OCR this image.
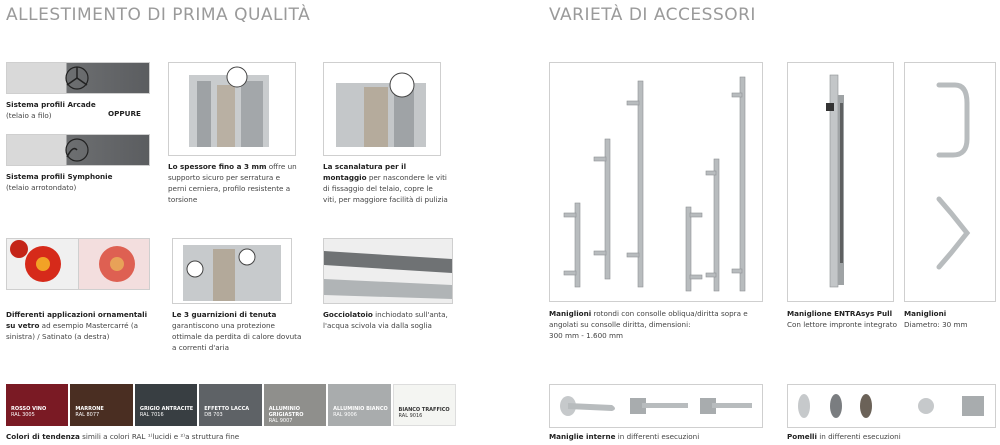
ALLESTIMENTO DI PRIMA QUALITÀ
Sistema profili Arcade
(telaio a filo)	OPPURE
Sistema profili Symphonie
(telaio arrotondato)
Lo spessore fino a 3 mm offre un supporto sicuro per serratura e perni cerniera, profilo resistente a torsione
La scanalatura per il montaggio per nascondere le viti di fissaggio del telaio, copre le viti, per maggiore facilità di pulizia
Differenti applicazioni ornamentali su vetro ad esempio Mastercarré (a sinistra) / Satinato (a destra)
Le 3 guarnizioni di tenuta garantiscono una protezione ottimale da perdita di calore dovuta a correnti d'aria
Gocciolatoio inchiodato sull'anta, l'acqua scivola via dalla soglia
ROSSO VINO
RAL 3005
MARRONE
RAL 8077
GRIGIO ANTRACITE
RAL 7016
EFFETTO LACCA
DB 703
ALLUMINIO GRIGIASTRO
RAL 9007
ALLUMINIO BIANCO
RAL 9006
BIANCO TRAFFICO
RAL 9016
Colori di tendenza simili a colori RAL ¹⁾lucidi e ²⁾a struttura fine
VARIETÀ DI ACCESSORI
Maniglioni rotondi con consolle obliqua/diritta sopra e angolati su consolle diritta, dimensioni:
300 mm - 1.600 mm
Maniglione ENTRAsys Pull
Con lettore impronte integrato
Maniglioni
Diametro: 30 mm
Maniglie interne in differenti esecuzioni	Pomelli in differenti esecuzioni
